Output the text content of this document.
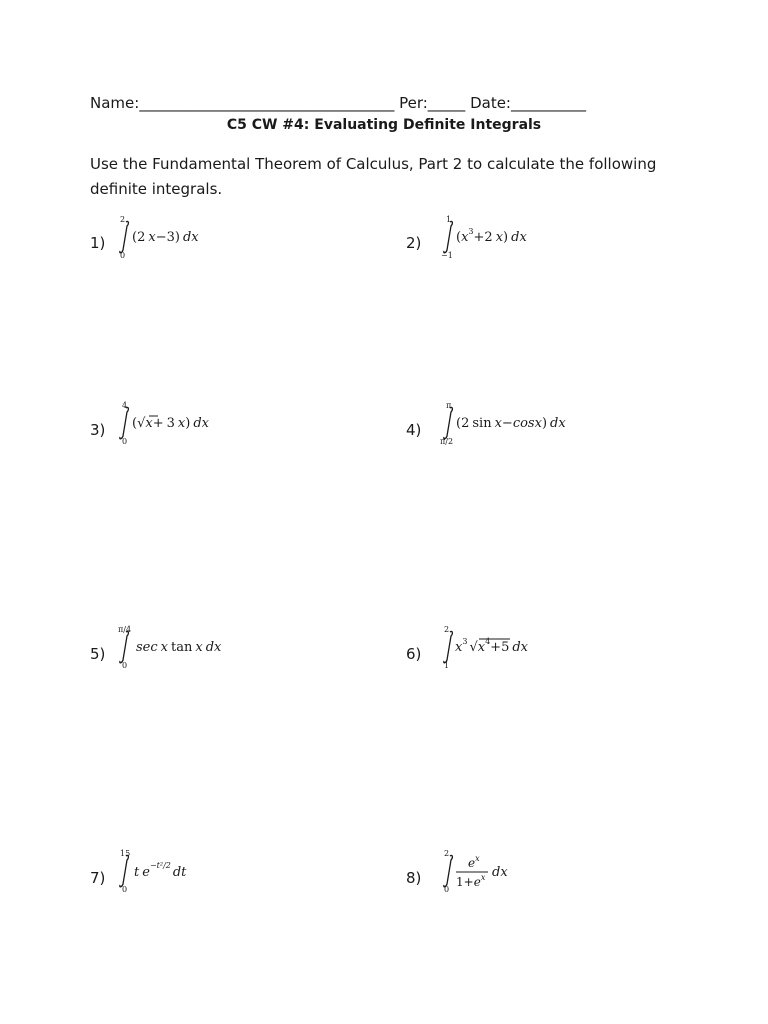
Name:__________________________________ Per:_____ Date:__________
C5 CW #4: Evaluating Definite Integrals
Use the Fundamental Theorem of Calculus, Part 2 to calculate the following
definite integrals.
1)	2)
3)	4)
5)	6)
7)	8)
2
0
(2 x−3) dx
1
−1
($x^3+2$ x) dx
4
0
(√x+ 3 x) dx
π
π/2
(2 sin x−cosx) dx
π/4
0
sec x tan x dx
2
1
$x^3$ $√x^4+5$ dx
15
0
t $e^{-t^2/2}$ dt
2
0
$e^x$
$1+e^x$ dx
